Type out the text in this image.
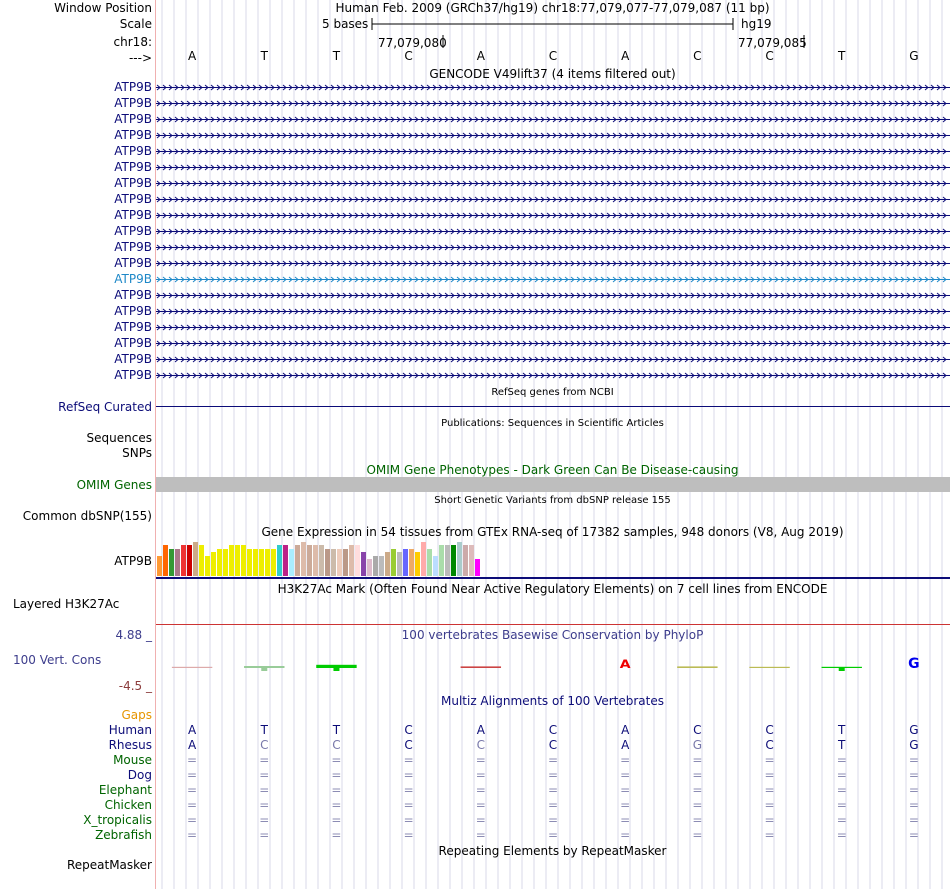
Window Position
Scale
chr18:
--->
Human Feb. 2009 (GRCh37/hg19) chr18:77,079,077-77,079,087 (11 bp)
5 bases	hg19
77,079,080	77,079,085
A	T	T	C	A	C	A	C	C	T	G
GENCODE V49lift37 (4 items filtered out)
ATP9B
ATP9B
ATP9B
ATP9B
ATP9B
ATP9B
ATP9B
ATP9B
ATP9B
ATP9B
ATP9B
ATP9B
ATP9B
ATP9B
ATP9B
ATP9B
ATP9B
ATP9B
ATP9B
RefSeq genes from NCBI
RefSeq Curated
Publications: Sequences in Scientific Articles
Sequences
SNPs
OMIM Gene Phenotypes - Dark Green Can Be Disease-causing
OMIM Genes
Short Genetic Variants from dbSNP release 155
Common dbSNP(155)
Gene Expression in 54 tissues from GTEx RNA-seq of 17382 samples, 948 donors (V8, Aug 2019)
ATP9B
H3K27Ac Mark (Often Found Near Active Regulatory Elements) on 7 cell lines from ENCODE
Layered H3K27Ac
100 vertebrates Basewise Conservation by PhyloP
4.88 _
100 Vert. Cons
-4.5 _
A	G
Multiz Alignments of 100 Vertebrates
Gaps
Human	A	T	T	C	A	C	A	C	C	T	G
Rhesus	A	C	C	C	C	C	A	G	C	T	G
Mouse	=	=	=	=	=	=	=	=	=	=	=
Dog	=	=	=	=	=	=	=	=	=	=	=
Elephant	=	=	=	=	=	=	=	=	=	=	=
Chicken	=	=	=	=	=	=	=	=	=	=	=
X_tropicalis	=	=	=	=	=	=	=	=	=	=	=
Zebrafish	=	=	=	=	=	=	=	=	=	=	=
Repeating Elements by RepeatMasker
RepeatMasker
